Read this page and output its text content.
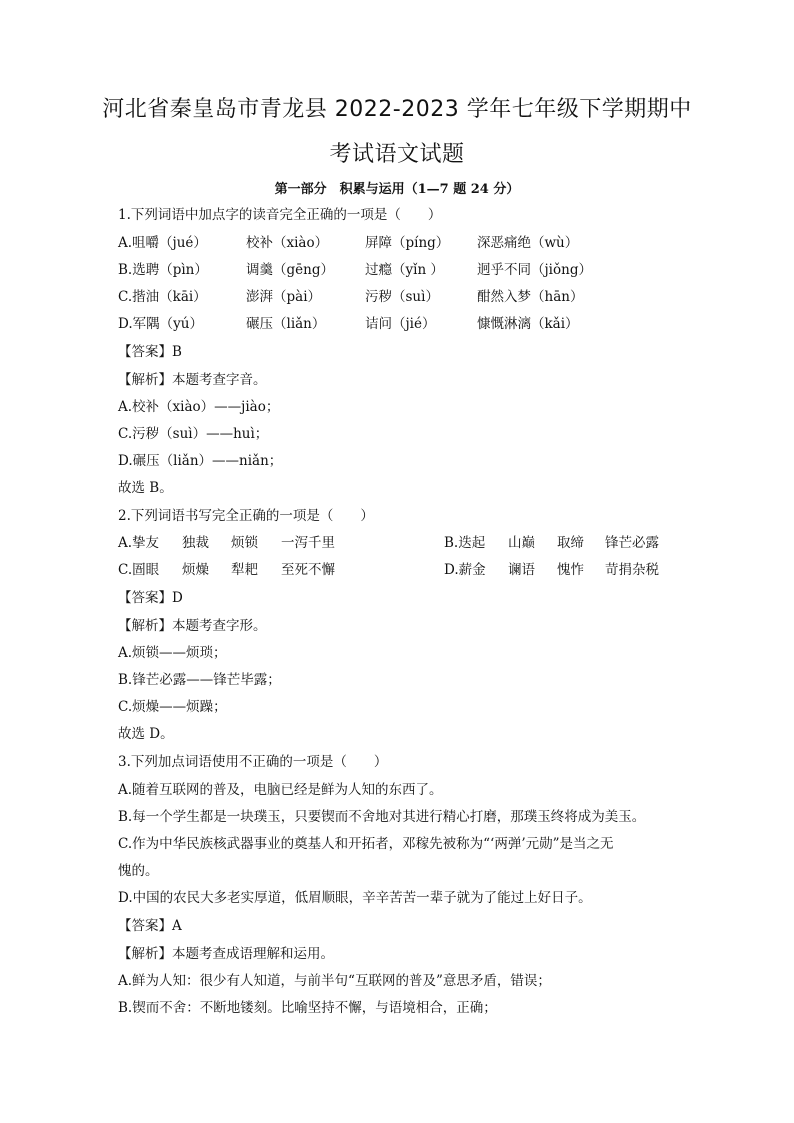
河北省秦皇岛市青龙县 2022-2023 学年七年级下学期期中
考试语文试题
第一部分　积累与运用（1—7 题 24 分）
1.下列词语中加点字的读音完全正确的一项是（　　）
A.咀嚼（jué）	校补（xiào）	屏障（píng） 深恶痛绝（wù）
B.选聘（pìn）	调羹（gēng） 过瘾（yǐn ） 迥乎不同（jiǒng）
C.揩油（kāi）	澎湃（pài）	污秽（suì）	酣然入梦（hān）
D.军隅（yú）	碾压（liǎn）	诘问（jié）	慷慨淋漓（kǎi）
【答案】B
【解析】本题考查字音。
A.校补（xiào）——jiào；
C.污秽（suì）——huì；
D.碾压（liǎn）——niǎn；
故选 B。
2.下列词语书写完全正确的一项是（　　）
A.挚友 独裁 烦锁 一泻千里	B.迭起 山巅 取缔 锋芒必露
C.圄眼 烦燥 犁耙 至死不懈	D.薪金 谰语 愧怍 苛捐杂税
【答案】D
【解析】本题考查字形。
A.烦锁——烦琐；
B.锋芒必露——锋芒毕露；
C.烦燥——烦躁；
故选 D。
3.下列加点词语使用不正确的一项是（　　）
A.随着互联网的普及，电脑已经是鲜为人知的东西了。
B.每一个学生都是一块璞玉，只要锲而不舍地对其进行精心打磨，那璞玉终将成为美玉。
C.作为中华民族核武器事业的奠基人和开拓者，邓稼先被称为“‘两弹’元勋”是当之无
愧的。
D.中国的农民大多老实厚道，低眉顺眼，辛辛苦苦一辈子就为了能过上好日子。
【答案】A
【解析】本题考查成语理解和运用。
A.鲜为人知：很少有人知道，与前半句“互联网的普及”意思矛盾，错误；
B.锲而不舍：不断地镂刻。比喻坚持不懈，与语境相合，正确；
